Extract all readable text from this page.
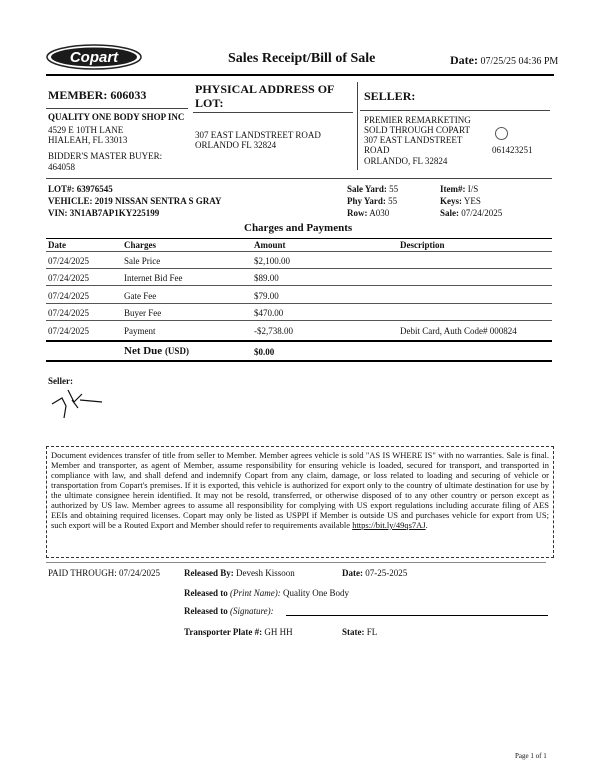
Copart	Sales Receipt/Bill of Sale	Date: 07/25/25 04:36 PM
MEMBER: 606033
QUALITY ONE BODY SHOP INC
4529 E 10TH LANE
HIALEAH, FL 33013
BIDDER'S MASTER BUYER:
464058
PHYSICAL ADDRESS OF
LOT:
307 EAST LANDSTREET ROAD
ORLANDO FL 32824
SELLER:
PREMIER REMARKETING
SOLD THROUGH COPART
307 EAST LANDSTREET
ROAD
ORLANDO, FL 32824
061423251
LOT#: 63976545
VEHICLE: 2019 NISSAN SENTRA S GRAY
VIN: 3N1AB7AP1KY225199
Sale Yard: 55
Phy Yard: 55
Row: A030
Item#: I/S
Keys: YES
Sale: 07/24/2025
Charges and Payments
Date	Charges	Amount	Description
07/24/2025	Sale Price	$2,100.00
07/24/2025	Internet Bid Fee	$89.00
07/24/2025	Gate Fee	$79.00
07/24/2025	Buyer Fee	$470.00
07/24/2025	Payment	-$2,738.00	Debit Card, Auth Code# 000824
Net Due (USD)	$0.00
Seller:
Document evidences transfer of title from seller to Member. Member agrees vehicle is sold "AS IS WHERE IS" with no warranties. Sale is final. Member and transporter, as agent of Member, assume responsibility for ensuring vehicle is loaded, secured for transport, and transported in compliance with law, and shall defend and indemnify Copart from any claim, damage, or loss related to loading and securing of vehicle or transportation from Copart's premises. If it is exported, this vehicle is authorized for export only to the country of ultimate destination for use by the ultimate consignee herein identified. It may not be resold, transferred, or otherwise disposed of to any other country or person except as authorized by US law. Member agrees to assume all responsibility for complying with US export regulations including accurate filing of AES EEIs and obtaining required licenses. Copart may only be listed as USPPI if Member is outside US and purchases vehicle for export from US; such export will be a Routed Export and Member should refer to requirements available https://bit.ly/49qs7AJ.
PAID THROUGH: 07/24/2025	Released By: Devesh Kissoon	Date: 07-25-2025
Released to (Print Name): Quality One Body
Released to (Signature):
Transporter Plate #: GH HH	State: FL
Page 1 of 1
